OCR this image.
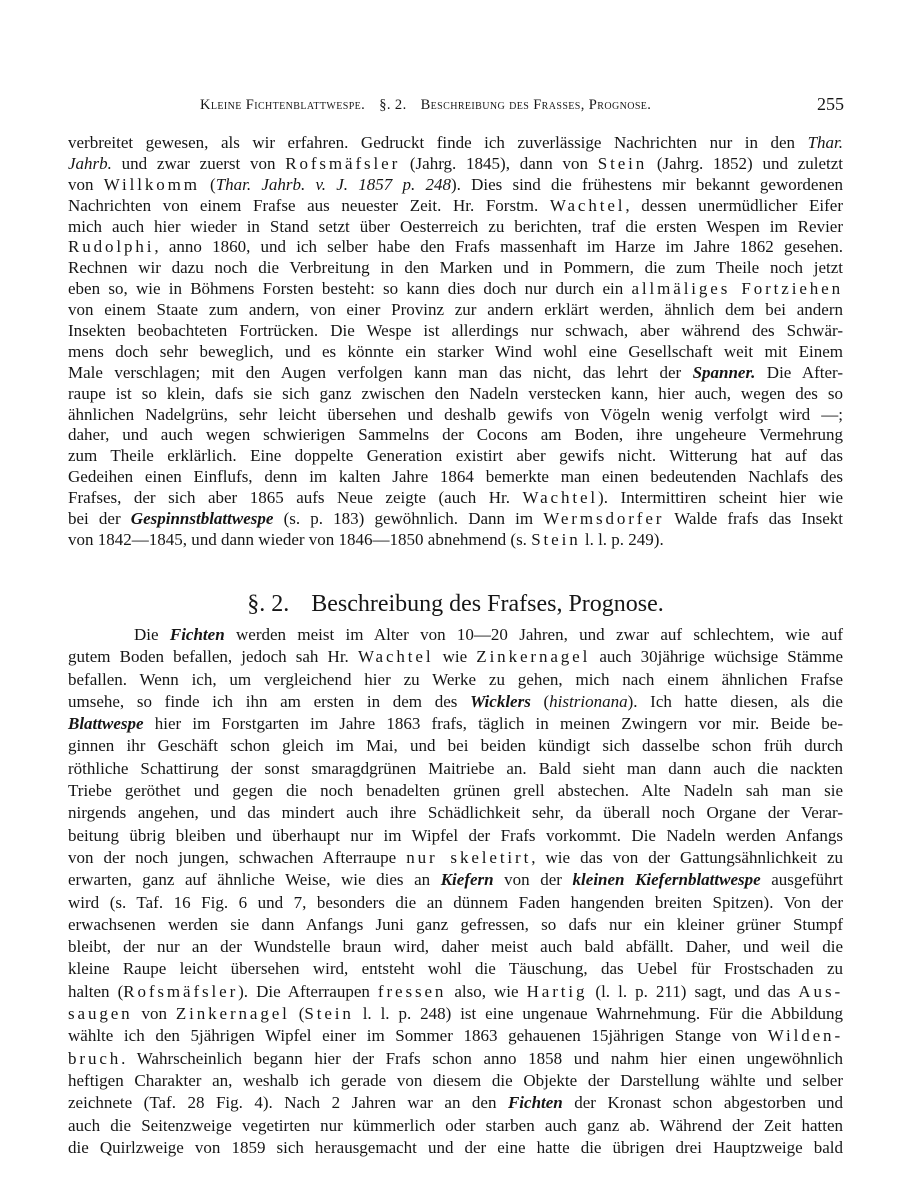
Kleine Fichtenblattwespe. §. 2. Beschreibung des Frasses, Prognose.	255
verbreitet gewesen, als wir erfahren. Gedruckt finde ich zuverlässige Nachrichten nur in den Thar.
Jahrb. und zwar zuerst von Rofsmäfsler (Jahrg. 1845), dann von Stein (Jahrg. 1852) und zuletzt
von Willkomm (Thar. Jahrb. v. J. 1857 p. 248). Dies sind die frühestens mir bekannt gewordenen
Nachrichten von einem Frafse aus neuester Zeit. Hr. Forstm. Wachtel, dessen unermüdlicher Eifer
mich auch hier wieder in Stand setzt über Oesterreich zu berichten, traf die ersten Wespen im Revier
Rudolphi, anno 1860, und ich selber habe den Frafs massenhaft im Harze im Jahre 1862 gesehen.
Rechnen wir dazu noch die Verbreitung in den Marken und in Pommern, die zum Theile noch jetzt
eben so, wie in Böhmens Forsten besteht: so kann dies doch nur durch ein allmäliges Fortziehen
von einem Staate zum andern, von einer Provinz zur andern erklärt werden, ähnlich dem bei andern
Insekten beobachteten Fortrücken. Die Wespe ist allerdings nur schwach, aber während des Schwär-
mens doch sehr beweglich, und es könnte ein starker Wind wohl eine Gesellschaft weit mit Einem
Male verschlagen; mit den Augen verfolgen kann man das nicht, das lehrt der Spanner. Die After-
raupe ist so klein, dafs sie sich ganz zwischen den Nadeln verstecken kann, hier auch, wegen des so
ähnlichen Nadelgrüns, sehr leicht übersehen und deshalb gewifs von Vögeln wenig verfolgt wird —;
daher, und auch wegen schwierigen Sammelns der Cocons am Boden, ihre ungeheure Vermehrung
zum Theile erklärlich. Eine doppelte Generation existirt aber gewifs nicht. Witterung hat auf das
Gedeihen einen Einflufs, denn im kalten Jahre 1864 bemerkte man einen bedeutenden Nachlafs des
Frafses, der sich aber 1865 aufs Neue zeigte (auch Hr. Wachtel). Intermittiren scheint hier wie
bei der Gespinnstblattwespe (s. p. 183) gewöhnlich. Dann im Wermsdorfer Walde frafs das Insekt
von 1842—1845, und dann wieder von 1846—1850 abnehmend (s. Stein l. l. p. 249).
§. 2. Beschreibung des Frafses, Prognose.
Die Fichten werden meist im Alter von 10—20 Jahren, und zwar auf schlechtem, wie auf
gutem Boden befallen, jedoch sah Hr. Wachtel wie Zinkernagel auch 30jährige wüchsige Stämme
befallen. Wenn ich, um vergleichend hier zu Werke zu gehen, mich nach einem ähnlichen Frafse
umsehe, so finde ich ihn am ersten in dem des Wicklers (histrionana). Ich hatte diesen, als die
Blattwespe hier im Forstgarten im Jahre 1863 frafs, täglich in meinen Zwingern vor mir. Beide be-
ginnen ihr Geschäft schon gleich im Mai, und bei beiden kündigt sich dasselbe schon früh durch
röthliche Schattirung der sonst smaragdgrünen Maitriebe an. Bald sieht man dann auch die nackten
Triebe geröthet und gegen die noch benadelten grünen grell abstechen. Alte Nadeln sah man sie
nirgends angehen, und das mindert auch ihre Schädlichkeit sehr, da überall noch Organe der Verar-
beitung übrig bleiben und überhaupt nur im Wipfel der Frafs vorkommt. Die Nadeln werden Anfangs
von der noch jungen, schwachen Afterraupe nur skeletirt, wie das von der Gattungsähnlichkeit zu
erwarten, ganz auf ähnliche Weise, wie dies an Kiefern von der kleinen Kiefernblattwespe ausgeführt
wird (s. Taf. 16 Fig. 6 und 7, besonders die an dünnem Faden hangenden breiten Spitzen). Von der
erwachsenen werden sie dann Anfangs Juni ganz gefressen, so dafs nur ein kleiner grüner Stumpf
bleibt, der nur an der Wundstelle braun wird, daher meist auch bald abfällt. Daher, und weil die
kleine Raupe leicht übersehen wird, entsteht wohl die Täuschung, das Uebel für Frostschaden zu
halten (Rofsmäfsler). Die Afterraupen fressen also, wie Hartig (l. l. p. 211) sagt, und das Aus-
saugen von Zinkernagel (Stein l. l. p. 248) ist eine ungenaue Wahrnehmung. Für die Abbildung
wählte ich den 5jährigen Wipfel einer im Sommer 1863 gehauenen 15jährigen Stange von Wilden-
bruch. Wahrscheinlich begann hier der Frafs schon anno 1858 und nahm hier einen ungewöhnlich
heftigen Charakter an, weshalb ich gerade von diesem die Objekte der Darstellung wählte und selber
zeichnete (Taf. 28 Fig. 4). Nach 2 Jahren war an den Fichten der Kronast schon abgestorben und
auch die Seitenzweige vegetirten nur kümmerlich oder starben auch ganz ab. Während der Zeit hatten
die Quirlzweige von 1859 sich herausgemacht und der eine hatte die übrigen drei Hauptzweige bald
